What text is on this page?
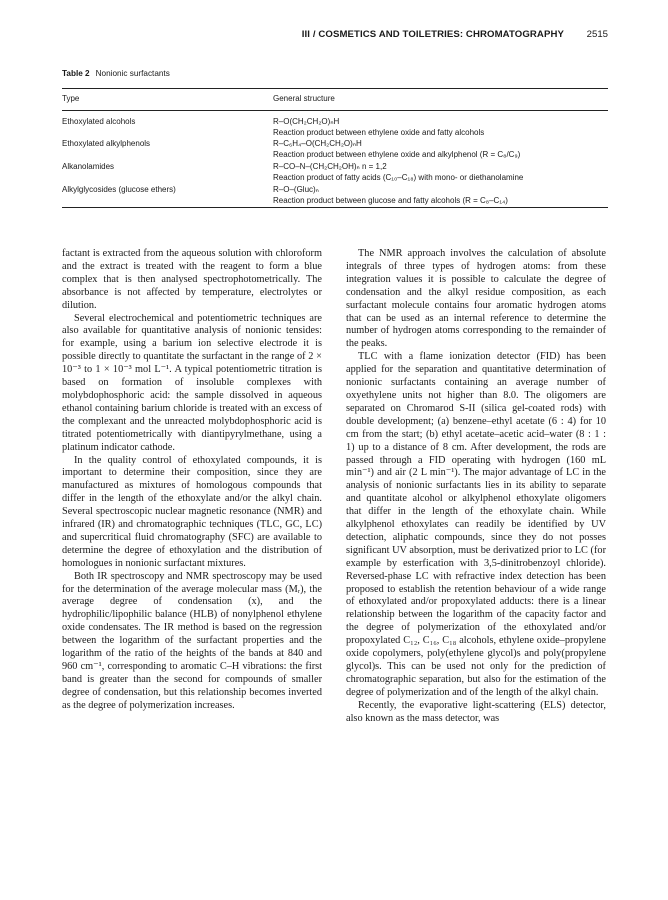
III / COSMETICS AND TOILETRIES: CHROMATOGRAPHY 2515
Table 2 Nonionic surfactants
Type	General structure
Ethoxylated alcohols	R–O(CH₂CH₂O)ₙH
Reaction product between ethylene oxide and fatty alcohols
Ethoxylated alkylphenols	R–C₆H₄–O(CH₂CH₂O)ₙH
Reaction product between ethylene oxide and alkylphenol (R = C₈/C₉)
Alkanolamides	R–CO–N–(CH₂CH₂OH)ₙ n = 1,2
Reaction product of fatty acids (C₁₀–C₁₈) with mono- or diethanolamine
Alkylglycosides (glucose ethers)	R–O–(Gluc)ₙ
Reaction product between glucose and fatty alcohols (R = C₈–C₁₄)

factant is extracted from the aqueous solution with chloroform and the extract is treated with the reagent to form a blue complex that is then analysed spectrophotometrically. The absorbance is not affected by temperature, electrolytes or dilution.

Several electrochemical and potentiometric techniques are also available for quantitative analysis of nonionic tensides: for example, using a barium ion selective electrode it is possible directly to quantitate the surfactant in the range of 2 × 10⁻³ to 1 × 10⁻³ mol L⁻¹. A typical potentiometric titration is based on formation of insoluble complexes with molybdophosphoric acid: the sample dissolved in aqueous ethanol containing barium chloride is treated with an excess of the complexant and the unreacted molybdophosphoric acid is titrated potentiometrically with diantipyrylmethane, using a platinum indicator cathode.

In the quality control of ethoxylated compounds, it is important to determine their composition, since they are manufactured as mixtures of homologous compounds that differ in the length of the ethoxylate and/or the alkyl chain. Several spectroscopic nuclear magnetic resonance (NMR) and infrared (IR) and chromatographic techniques (TLC, GC, LC) and supercritical fluid chromatography (SFC) are available to determine the degree of ethoxylation and the distribution of homologues in nonionic surfactant mixtures.

Both IR spectroscopy and NMR spectroscopy may be used for the determination of the average molecular mass (Mᵣ), the average degree of condensation (x), and the hydrophilic/lipophilic balance (HLB) of nonylphenol ethylene oxide condensates. The IR method is based on the regression between the logarithm of the surfactant properties and the logarithm of the ratio of the heights of the bands at 840 and 960 cm⁻¹, corresponding to aromatic C–H vibrations: the first band is greater than the second for compounds of smaller degree of condensation, but this relationship becomes inverted as the degree of polymerization increases.

The NMR approach involves the calculation of absolute integrals of three types of hydrogen atoms: from these integration values it is possible to calculate the degree of condensation and the alkyl residue composition, as each surfactant molecule contains four aromatic hydrogen atoms that can be used as an internal reference to determine the number of hydrogen atoms corresponding to the remainder of the peaks.

TLC with a flame ionization detector (FID) has been applied for the separation and quantitative determination of nonionic surfactants containing an average number of oxyethylene units not higher than 8.0. The oligomers are separated on Chromarod S-II (silica gel-coated rods) with double development; (a) benzene–ethyl acetate (6 : 4) for 10 cm from the start; (b) ethyl acetate–acetic acid–water (8 : 1 : 1) up to a distance of 8 cm. After development, the rods are passed through a FID operating with hydrogen (160 mL min⁻¹) and air (2 L min⁻¹). The major advantage of LC in the analysis of nonionic surfactants lies in its ability to separate and quantitate alcohol or alkylphenol ethoxylate oligomers that differ in the length of the ethoxylate chain. While alkylphenol ethoxylates can readily be identified by UV detection, aliphatic compounds, since they do not posses significant UV absorption, must be derivatized prior to LC (for example by esterfication with 3,5-dinitrobenzoyl chloride). Reversed-phase LC with refractive index detection has been proposed to establish the retention behaviour of a wide range of ethoxylated and/or propoxylated adducts: there is a linear relationship between the logarithm of the capacity factor and the degree of polymerization of the ethoxylated and/or propoxylated C₁₂, C₁₆, C₁₈ alcohols, ethylene oxide–propylene oxide copolymers, poly(ethylene glycol)s and poly(propylene glycol)s. This can be used not only for the prediction of chromatographic separation, but also for the estimation of the degree of polymerization and of the length of the alkyl chain.

Recently, the evaporative light-scattering (ELS) detector, also known as the mass detector, was
